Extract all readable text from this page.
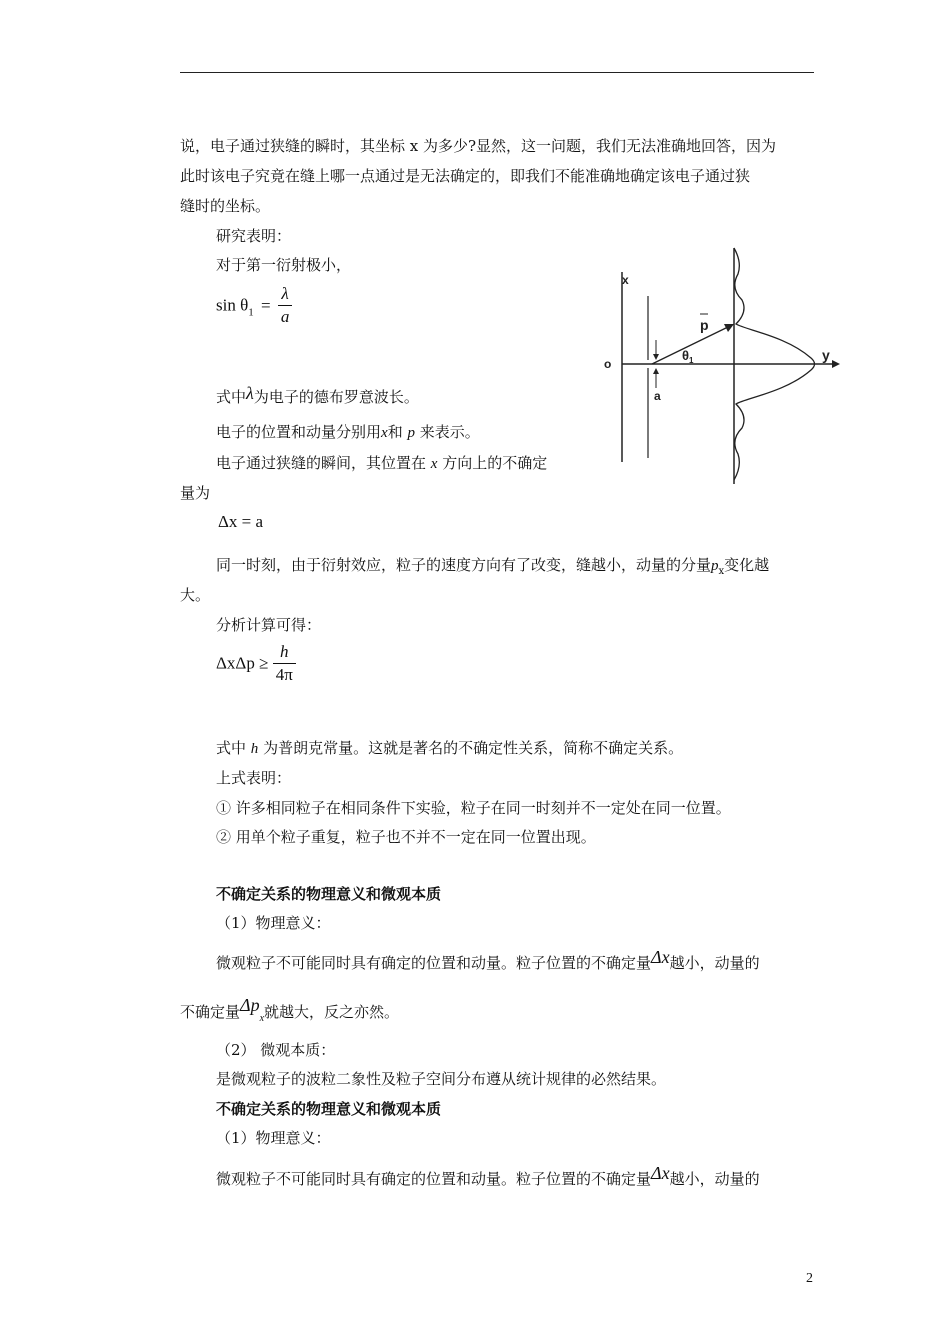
说，电子通过狭缝的瞬时，其坐标 x 为多少?显然，这一问题，我们无法准确地回答，因为
此时该电子究竟在缝上哪一点通过是无法确定的，即我们不能准确地确定该电子通过狭
缝时的坐标。
研究表明：
对于第一衍射极小，
$\sin \theta_1 = \frac{\lambda}{a}$
式中λ为电子的德布罗意波长。
电子的位置和动量分别用x和 p 来表示。
电子通过狭缝的瞬间，其位置在 x 方向上的不确定
量为
Δx = a
同一时刻，由于衍射效应，粒子的速度方向有了改变，缝越小，动量的分量$p_x$变化越
大。
分析计算可得：
$\Delta x\Delta p \ge \frac{h}{4\pi}$
式中 h 为普朗克常量。这就是著名的不确定性关系，简称不确定关系。
上式表明：
① 许多相同粒子在相同条件下实验，粒子在同一时刻并不一定处在同一位置。
② 用单个粒子重复，粒子也不并不一定在同一位置出现。
不确定关系的物理意义和微观本质
（1）物理意义：
微观粒子不可能同时具有确定的位置和动量。粒子位置的不确定量Δx越小，动量的
不确定量$\Delta p_x$就越大，反之亦然。
（2） 微观本质：
是微观粒子的波粒二象性及粒子空间分布遵从统计规律的必然结果。
不确定关系的物理意义和微观本质
（1）物理意义：
微观粒子不可能同时具有确定的位置和动量。粒子位置的不确定量Δx越小，动量的
x
o
y
p
$\theta_1$
a
2
